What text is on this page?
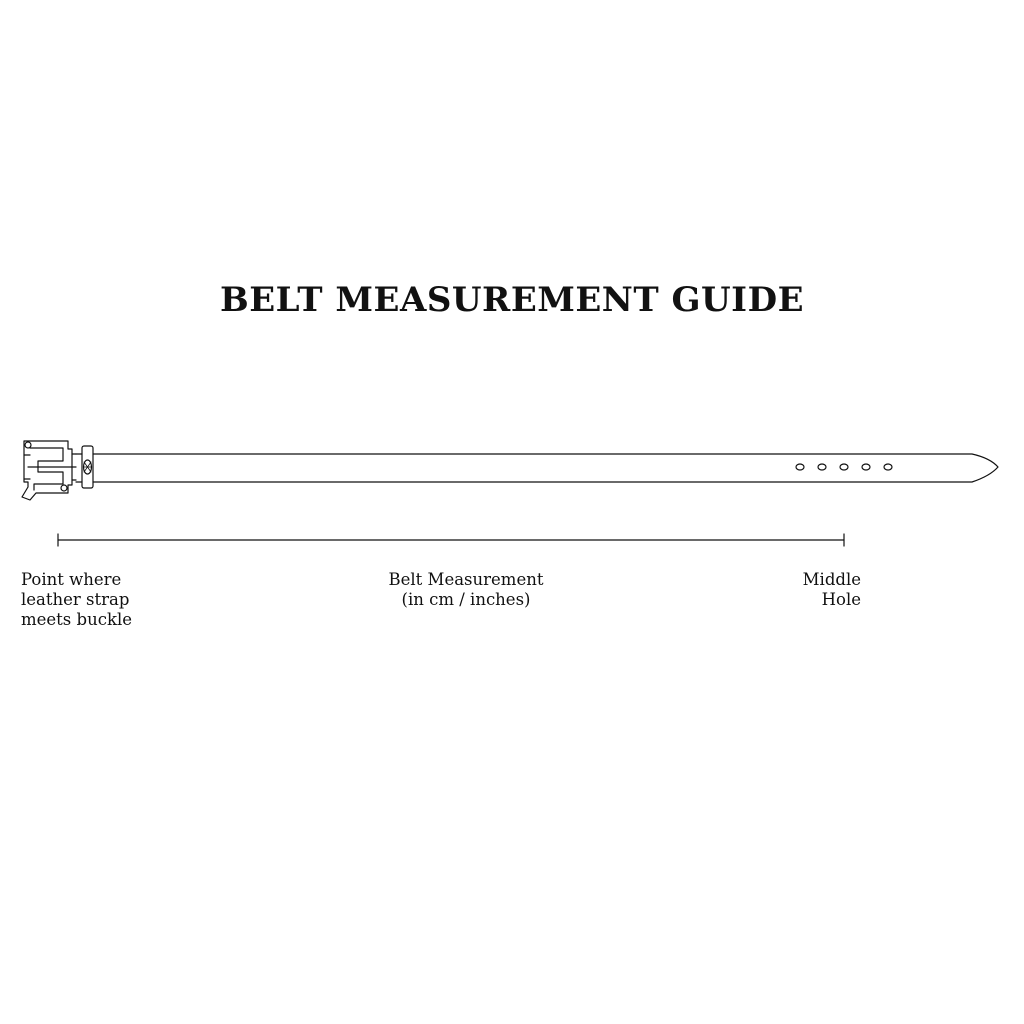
BELT MEASUREMENT GUIDE
Point where
leather strap
meets buckle
Belt Measurement
(in cm / inches)
Middle
Hole
